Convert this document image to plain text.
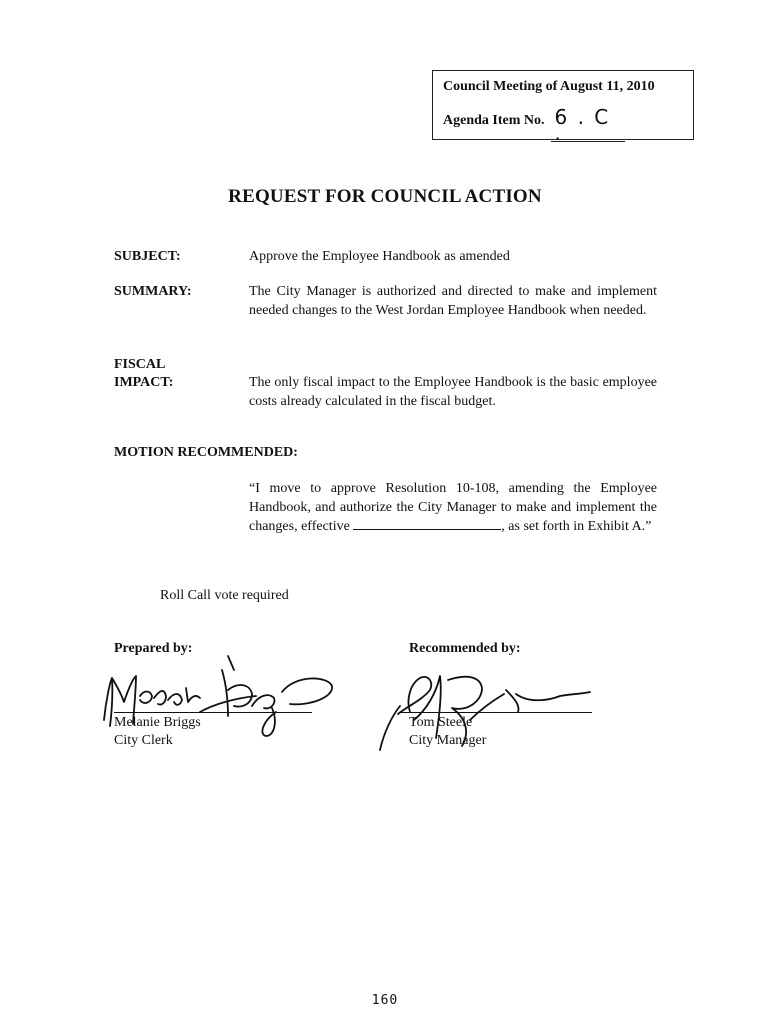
Council Meeting of August 11, 2010
Agenda Item No. 6 . C .
REQUEST FOR COUNCIL ACTION
SUBJECT:	Approve the Employee Handbook as amended
SUMMARY:	The City Manager is authorized and directed to make and implement needed changes to the West Jordan Employee Handbook when needed.
FISCAL
IMPACT:	The only fiscal impact to the Employee Handbook is the basic employee costs already calculated in the fiscal budget.
MOTION RECOMMENDED:
“I move to approve Resolution 10-108, amending the Employee Handbook, and authorize the City Manager to make and implement the changes, effective	, as set forth in Exhibit A.”
Roll Call vote required
Prepared by:
Melanie Briggs
City Clerk
Recommended by:
Tom Steele
City Manager
160
